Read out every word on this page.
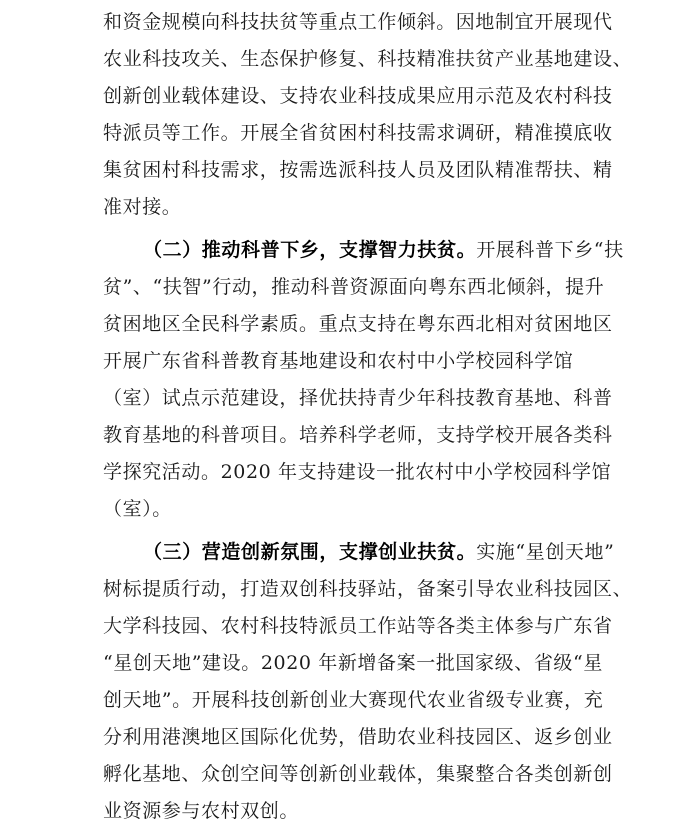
和资金规模向科技扶贫等重点工作倾斜。因地制宜开展现代
农业科技攻关、生态保护修复、科技精准扶贫产业基地建设、
创新创业载体建设、支持农业科技成果应用示范及农村科技
特派员等工作。开展全省贫困村科技需求调研，精准摸底收
集贫困村科技需求，按需选派科技人员及团队精准帮扶、精
准对接。
（二）推动科普下乡，支撑智力扶贫。开展科普下乡“扶
贫”、“扶智”行动，推动科普资源面向粤东西北倾斜，提升
贫困地区全民科学素质。重点支持在粤东西北相对贫困地区
开展广东省科普教育基地建设和农村中小学校园科学馆
（室）试点示范建设，择优扶持青少年科技教育基地、科普
教育基地的科普项目。培养科学老师，支持学校开展各类科
学探究活动。2020 年支持建设一批农村中小学校园科学馆
（室）。
（三）营造创新氛围，支撑创业扶贫。实施“星创天地”
树标提质行动，打造双创科技驿站，备案引导农业科技园区、
大学科技园、农村科技特派员工作站等各类主体参与广东省
“星创天地”建设。2020 年新增备案一批国家级、省级“星
创天地”。开展科技创新创业大赛现代农业省级专业赛，充
分利用港澳地区国际化优势，借助农业科技园区、返乡创业
孵化基地、众创空间等创新创业载体，集聚整合各类创新创
业资源参与农村双创。
